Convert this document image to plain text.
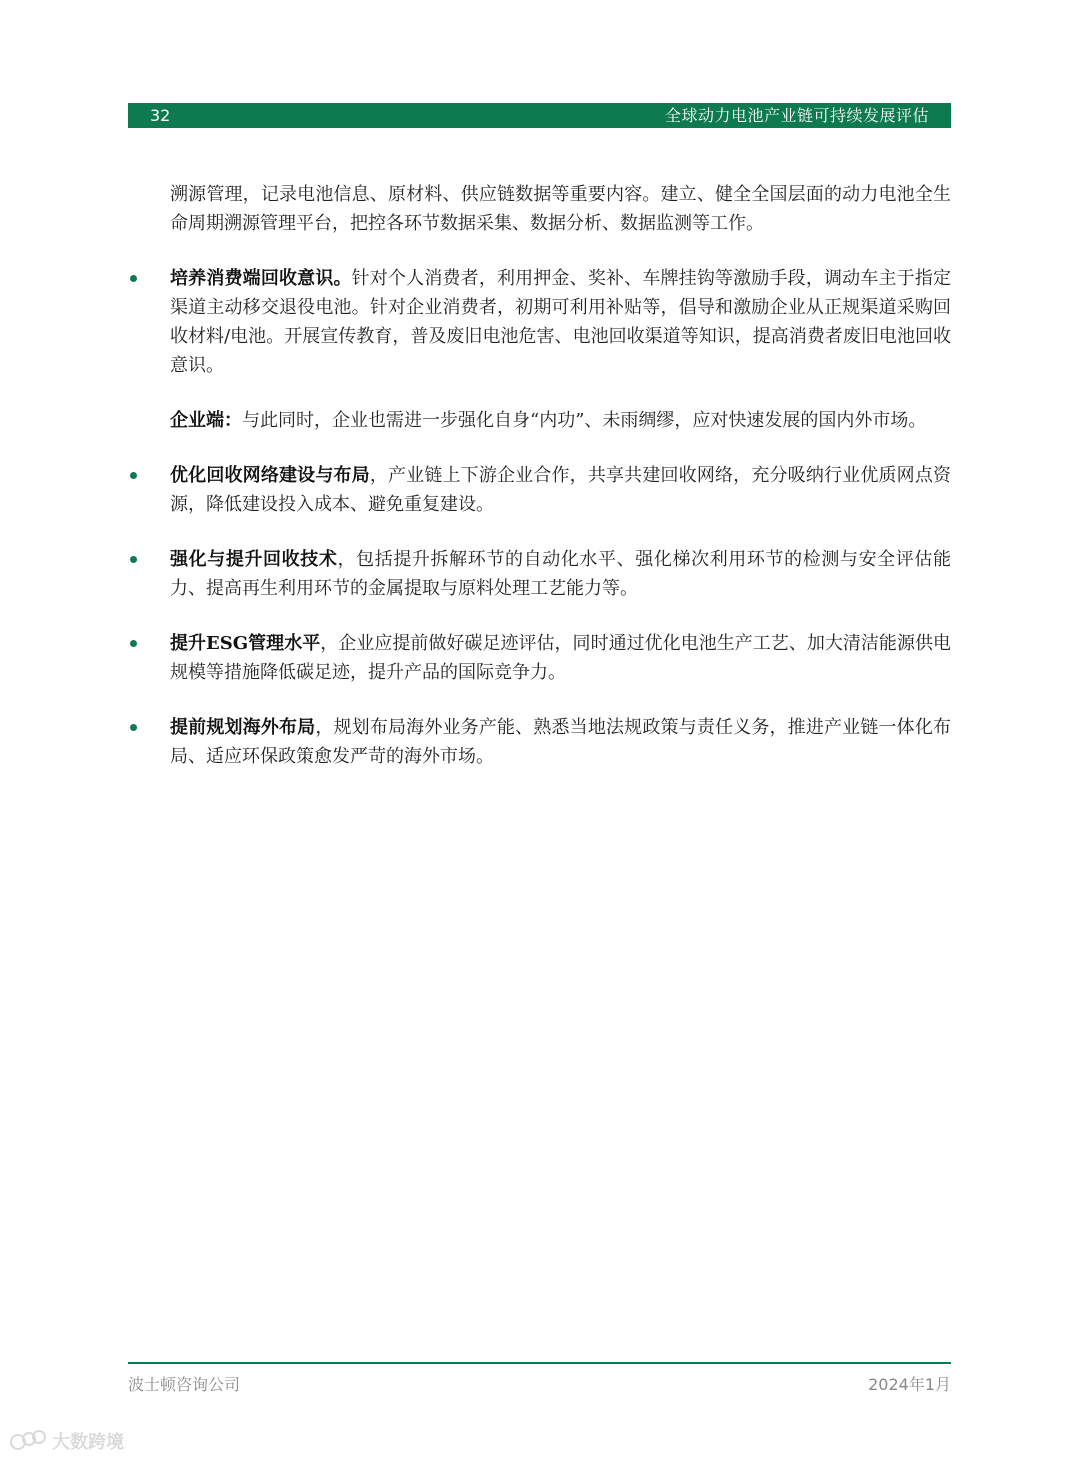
32	全球动力电池产业链可持续发展评估
溯源管理，记录电池信息、原材料、供应链数据等重要内容。建立、健全全国层面的动力电池全生命周期溯源管理平台，把控各环节数据采集、数据分析、数据监测等工作。
培养消费端回收意识。针对个人消费者，利用押金、奖补、车牌挂钩等激励手段，调动车主于指定渠道主动移交退役电池。针对企业消费者，初期可利用补贴等，倡导和激励企业从正规渠道采购回收材料/电池。开展宣传教育，普及废旧电池危害、电池回收渠道等知识，提高消费者废旧电池回收意识。
企业端：与此同时，企业也需进一步强化自身“内功”、未雨绸缪，应对快速发展的国内外市场。
优化回收网络建设与布局，产业链上下游企业合作，共享共建回收网络，充分吸纳行业优质网点资源，降低建设投入成本、避免重复建设。
强化与提升回收技术，包括提升拆解环节的自动化水平、强化梯次利用环节的检测与安全评估能力、提高再生利用环节的金属提取与原料处理工艺能力等。
提升ESG管理水平，企业应提前做好碳足迹评估，同时通过优化电池生产工艺、加大清洁能源供电规模等措施降低碳足迹，提升产品的国际竞争力。
提前规划海外布局，规划布局海外业务产能、熟悉当地法规政策与责任义务，推进产业链一体化布局、适应环保政策愈发严苛的海外市场。
波士顿咨询公司	2024年1月
大数跨境
